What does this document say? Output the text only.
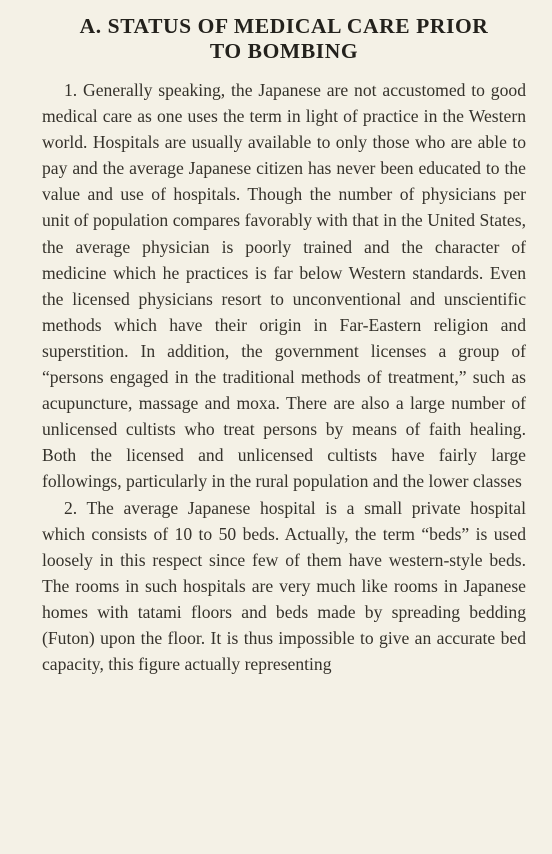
A. STATUS OF MEDICAL CARE PRIOR
TO BOMBING

1. Generally speaking, the Japanese are not accustomed to good medical care as one uses the term in light of practice in the Western world. Hospitals are usually available to only those who are able to pay and the average Japanese citizen has never been educated to the value and use of hospitals. Though the number of physicians per unit of population compares favorably with that in the United States, the average physician is poorly trained and the character of medicine which he practices is far below Western standards. Even the licensed physicians resort to unconventional and unscientific methods which have their origin in Far-Eastern religion and superstition. In addition, the government licenses a group of “persons engaged in the traditional methods of treatment,” such as acupuncture, massage and moxa. There are also a large number of unlicensed cultists who treat persons by means of faith healing. Both the licensed and unlicensed cultists have fairly large followings, particularly in the rural population and the lower classes

2. The average Japanese hospital is a small private hospital which consists of 10 to 50 beds. Actually, the term “beds” is used loosely in this respect since few of them have western-style beds. The rooms in such hospitals are very much like rooms in Japanese homes with tatami floors and beds made by spreading bedding (Futon) upon the floor. It is thus impossible to give an accurate bed capacity, this figure actually representing
